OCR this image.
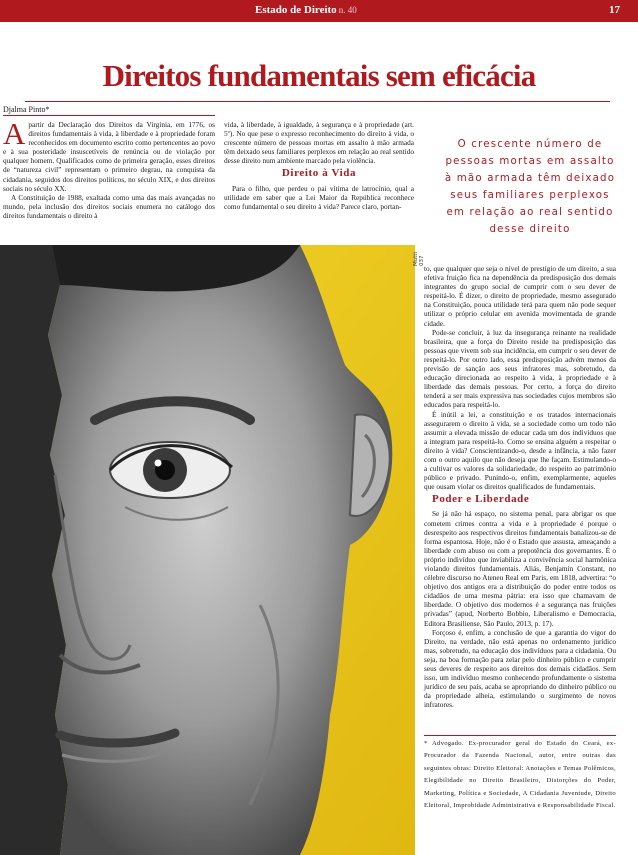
Estado de Direito n. 40	17
Direitos fundamentais sem eficácia
Djalma Pinto*

Apartir da Declaração dos Direitos da Virgínia, em 1776, os direitos fundamentais à vida, à liberdade e à propriedade foram reconhecidos em documento escrito como pertencentes ao povo e à sua posteridade insuscetíveis de renúncia ou de violação por qualquer homem. Qualificados como de primeira geração, esses direitos de “natureza civil” representam o primeiro degrau, na conquista da cidadania, seguidos dos direitos políticos, no século XIX, e dos direitos sociais no século XX.

A Constituição de 1988, exaltada como uma das mais avançadas no mundo, pela inclusão dos direitos sociais enumera no catálogo dos direitos fundamentais o direito à

vida, à liberdade, à igualdade, à segurança e à propriedade (art. 5º). No que pese o expresso reconhecimento do direito à vida, o crescente número de pessoas mortas em assalto à mão armada têm deixado seus familiares perplexos em relação ao real sentido desse direito num ambiente marcado pela violência.

Direito à Vida

Para o filho, que perdeu o pai vítima de latrocínio, qual a utilidade em saber que a Lei Maior da República reconhece como fundamental o seu direito à vida? Parece claro, portan-

O crescente número de pessoas mortas em assalto à mão armada têm deixado seus familiares perplexos em relação ao real sentido desse direito
Mutti 037

to, que qualquer que seja o nível de prestígio de um direito, a sua efetiva fruição fica na dependência da predisposição dos demais integrantes do grupo social de cumprir com o seu dever de respeitá-lo. É dizer, o direito de propriedade, mesmo assegurado na Constituição, pouca utilidade terá para quem não pode sequer utilizar o próprio celular em avenida movimentada de grande cidade.

Pode-se concluir, à luz da insegurança reinante na realidade brasileira, que a força do Direito reside na predisposição das pessoas que vivem sob sua incidência, em cumprir o seu dever de respeitá-lo. Por outro lado, essa predisposição advém menos da previsão de sanção aos seus infratores mas, sobretudo, da educação direcionada ao respeito à vida, à propriedade e à liberdade das demais pessoas. Por certo, a força do direito tenderá a ser mais expressiva nas sociedades cujos membros são educados para respeitá-lo.

É inútil a lei, a constituição e os tratados internacionais assegurarem o direito à vida, se a sociedade como um todo não assumir a elevada missão de educar cada um dos indivíduos que a integram para respeitá-lo. Como se ensina alguém a respeitar o direito à vida? Conscientizando-o, desde a infância, a não fazer com o outro aquilo que não deseja que lhe façam. Estimulando-o a cultivar os valores da solidariedade, do respeito ao patrimônio público e privado. Punindo-o, enfim, exemplarmente, aqueles que ousam violar os direitos qualificados de fundamentais.

Poder e Liberdade

Se já não há espaço, no sistema penal, para abrigar os que cometem crimes contra a vida e à propriedade é porque o desrespeito aos respectivos direitos fundamentais banalizou-se de forma espantosa. Hoje, não é o Estado que assusta, ameaçando a liberdade com abuso ou com a prepotência dos governantes. É o próprio indivíduo que inviabiliza a convivência social harmônica violando direitos fundamentais. Aliás, Benjamin Constant, no célebre discurso no Ateneu Real em Paris, em 1818, advertira: “o objetivo dos antigos era a distribuição do poder entre todos os cidadãos de uma mesma pátria: era isso que chamavam de liberdade. O objetivo dos modernos é a segurança nas fruições privadas” (apud, Norberto Bobbio, Liberalismo e Democracia, Editora Brasiliense, São Paulo, 2013, p. 17).

Forçoso é, enfim, a conclusão de que a garantia do vigor do Direito, na verdade, não está apenas no ordenamento jurídico mas, sobretudo, na educação dos indivíduos para a cidadania. Ou seja, na boa formação para zelar pelo dinheiro público e cumprir seus deveres de respeito aos direitos dos demais cidadãos. Sem isso, um indivíduo mesmo conhecendo profundamente o sistema jurídico de seu país, acaba se apropriando do dinheiro público ou da propriedade alheia, estimulando o surgimento de novos infratores.

* Advogado. Ex-procurador geral do Estado do Ceará, ex-Procurador da Fazenda Nacional, autor, entre outras das seguintes obras: Direito Eleitoral: Anotações e Temas Polêmicos, Elegibilidade no Direito Brasileiro, Distorções do Poder, Marketing, Política e Sociedade, A Cidadania Juventude, Direito Eleitoral, Improbidade Administrativa e Responsabilidade Fiscal.
